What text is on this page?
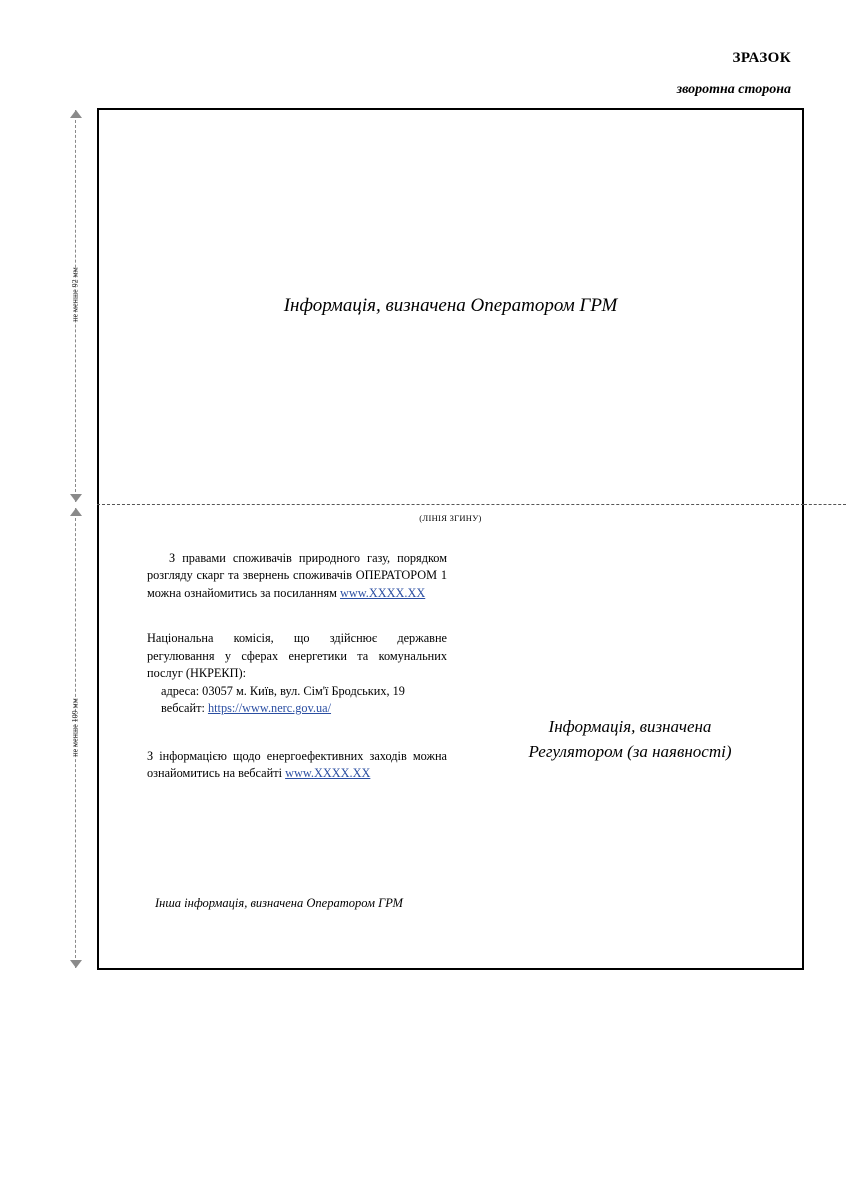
ЗРАЗОК
зворотна сторона
не менше 92 мм
не менше 109 мм
(ЛІНІЯ ЗГИНУ)
Інформація, визначена Оператором ГРМ

З правами споживачів природного газу, порядком розгляду скарг та звернень споживачів ОПЕРАТОРОМ 1 можна ознайомитись за посиланням www.XXXX.XX

Національна комісія, що здійснює державне регулювання у сферах енергетики та комунальних послуг (НКРЕКП):

адреса: 03057 м. Київ, вул. Сім'ї Бродських, 19

вебсайт: https://www.nerc.gov.ua/

З інформацією щодо енергоефективних заходів можна ознайомитись на вебсайті www.XXXX.XX

Інша інформація, визначена Оператором ГРМ
Інформація, визначена
Регулятором (за наявності)
